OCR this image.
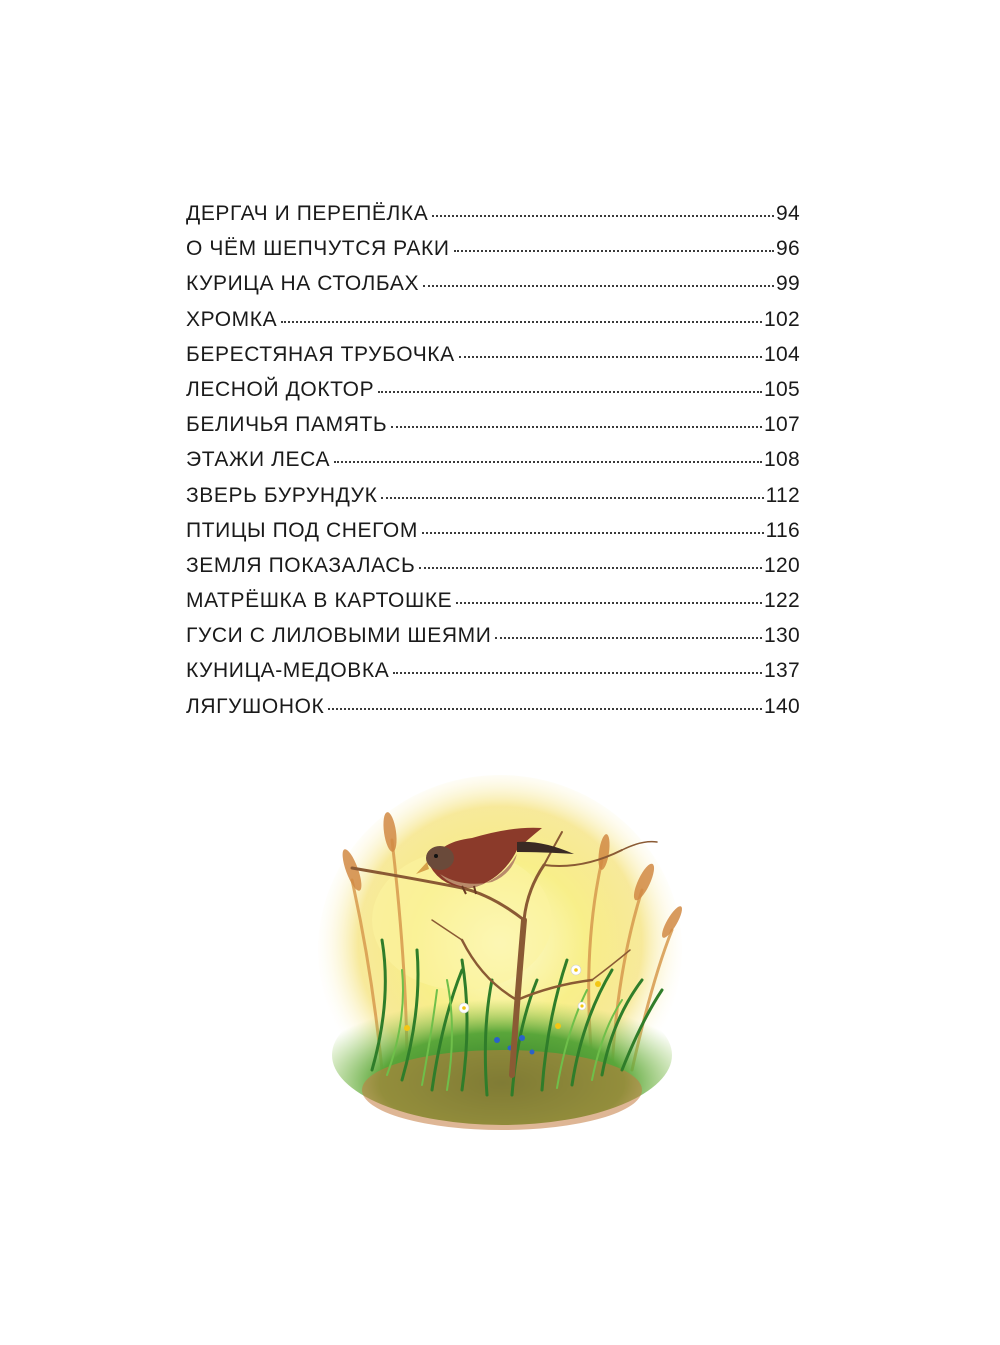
ДЕРГАЧ И ПЕРЕПЁЛКА	94
О ЧЁМ ШЕПЧУТСЯ РАКИ	96
КУРИЦА НА СТОЛБАХ	99
ХРОМКА	102
БЕРЕСТЯНАЯ ТРУБОЧКА	104
ЛЕСНОЙ ДОКТОР	105
БЕЛИЧЬЯ ПАМЯТЬ	107
ЭТАЖИ ЛЕСА	108
ЗВЕРЬ БУРУНДУК	112
ПТИЦЫ ПОД СНЕГОМ	116
ЗЕМЛЯ ПОКАЗАЛАСЬ	120
МАТРЁШКА В КАРТОШКЕ	122
ГУСИ С ЛИЛОВЫМИ ШЕЯМИ	130
КУНИЦА-МЕДОВКА	137
ЛЯГУШОНОК	140
